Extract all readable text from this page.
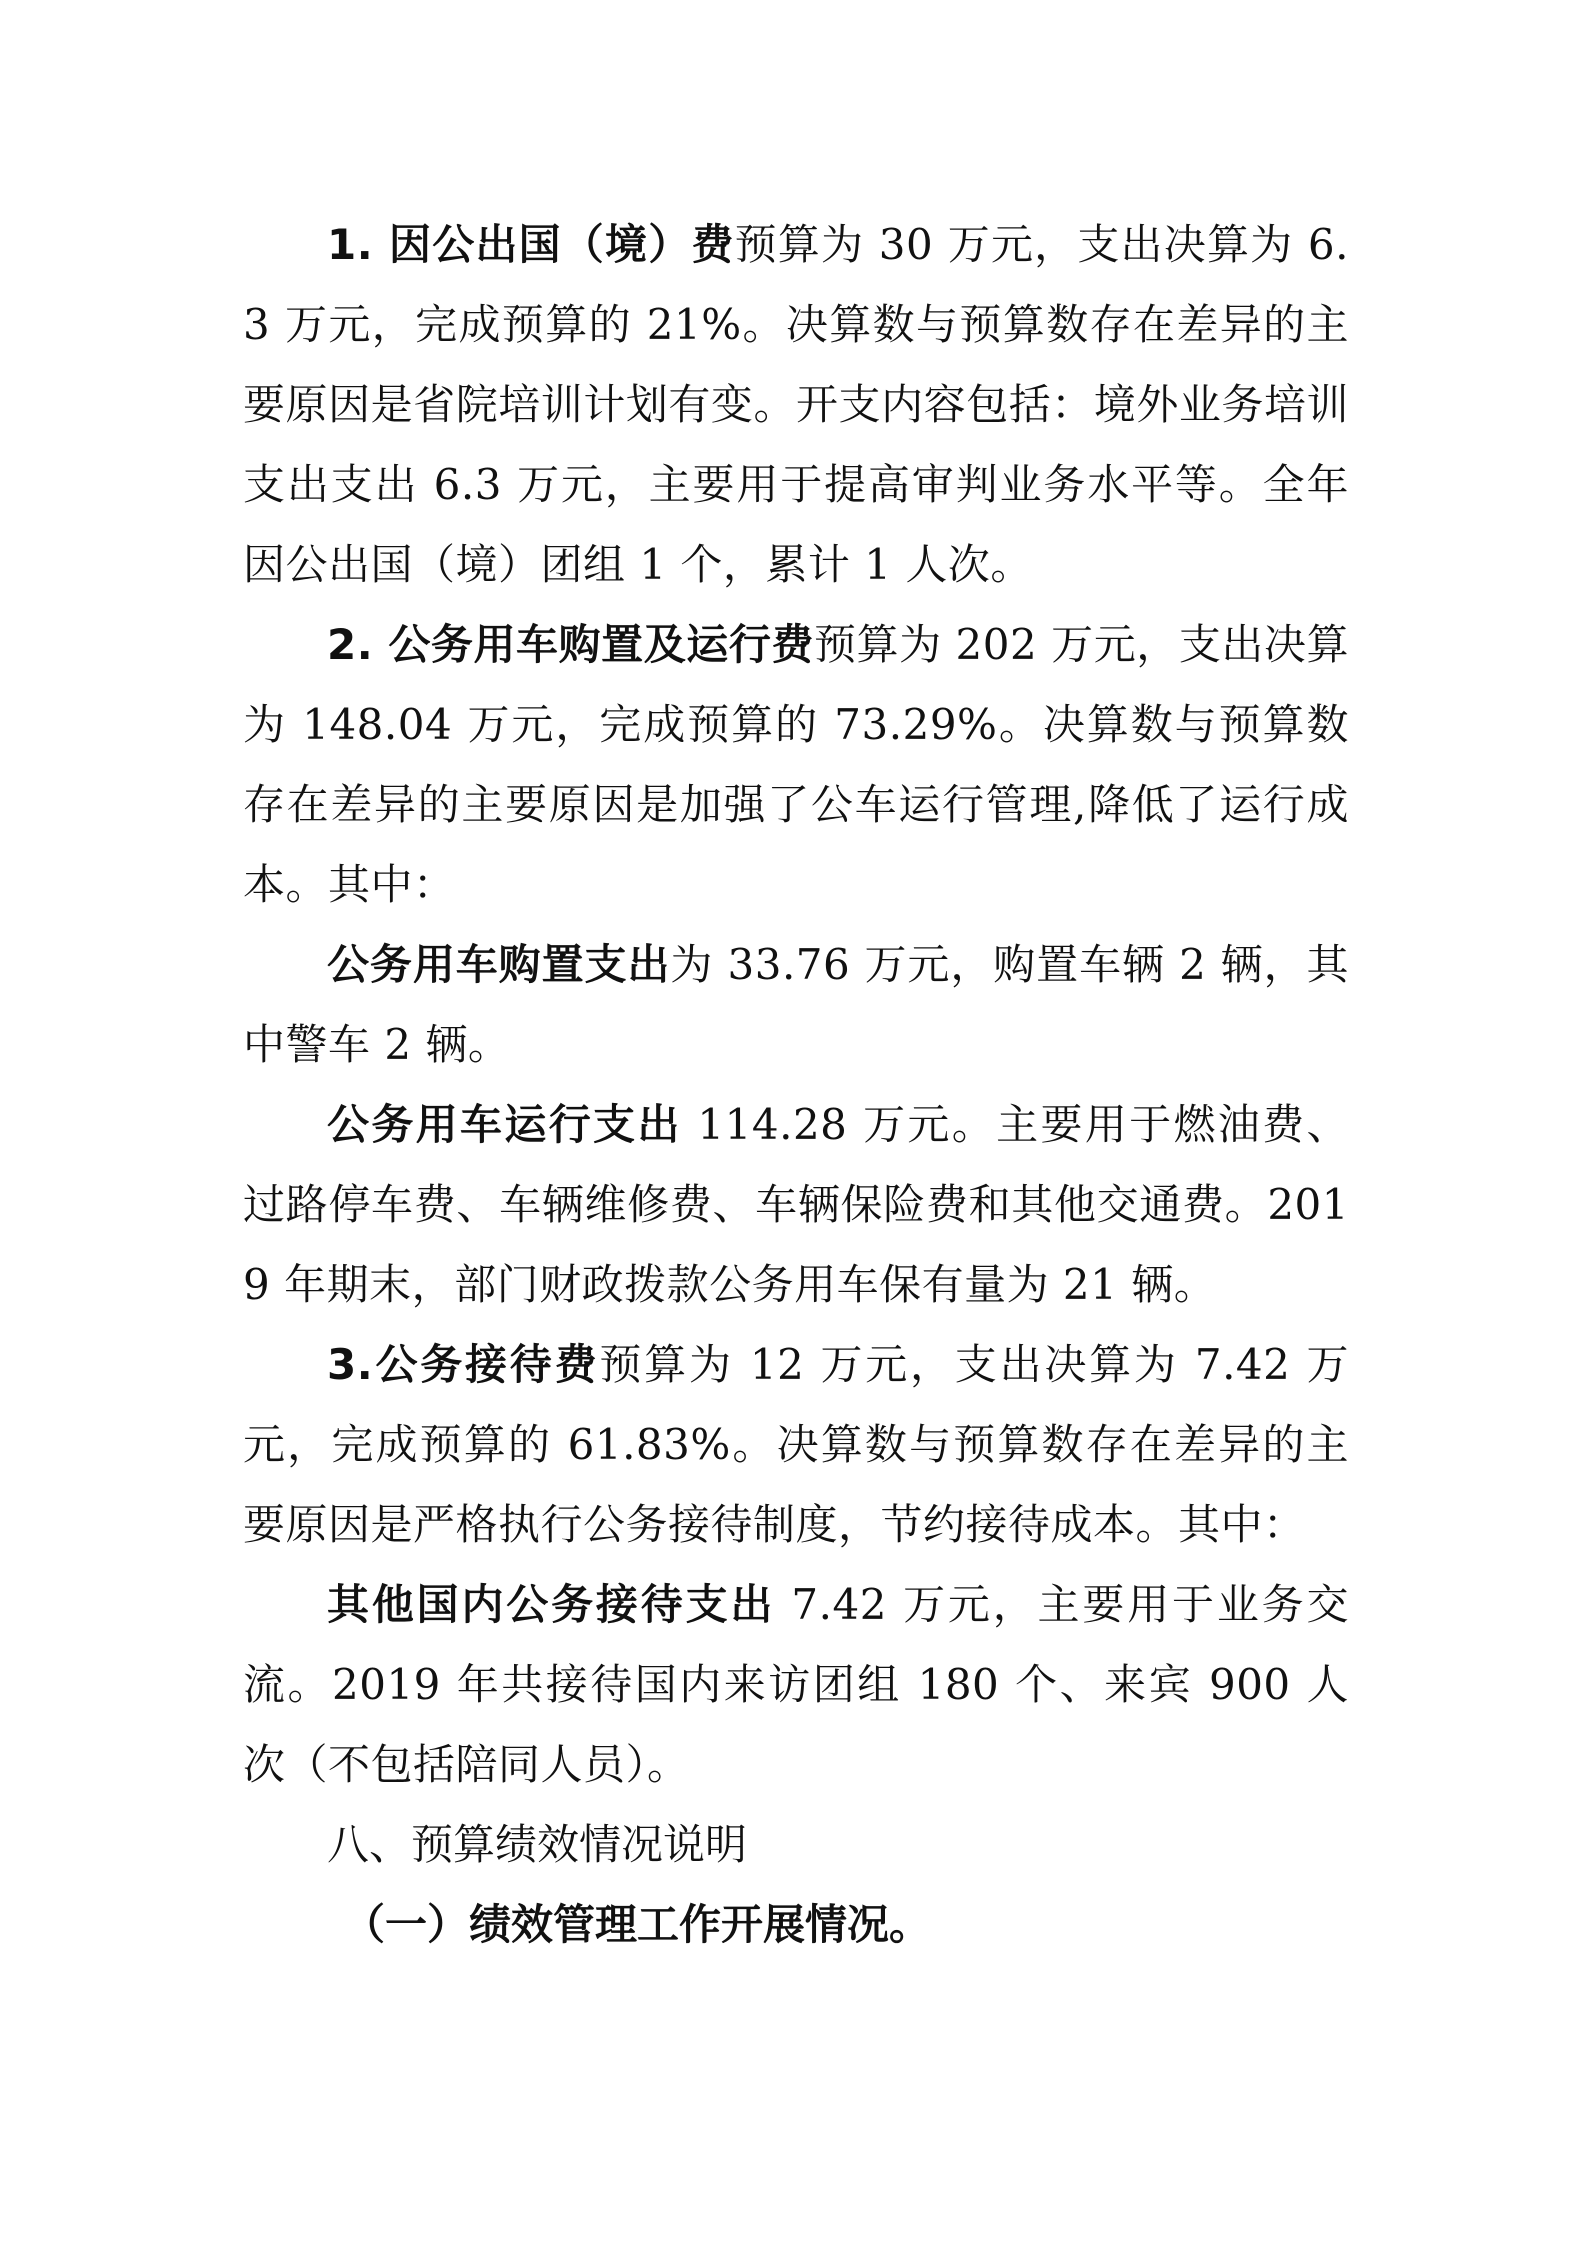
1. 因公出国（境）费预算为 30 万元，支出决算为 6.3 万元，完成预算的 21%。决算数与预算数存在差异的主要原因是省院培训计划有变。开支内容包括：境外业务培训支出支出 6.3 万元，主要用于提高审判业务水平等。全年因公出国（境）团组 1 个，累计 1 人次。

2. 公务用车购置及运行费预算为 202 万元，支出决算为 148.04 万元，完成预算的 73.29%。决算数与预算数存在差异的主要原因是加强了公车运行管理,降低了运行成本。其中：

公务用车购置支出为 33.76 万元，购置车辆 2 辆，其中警车 2 辆。

公务用车运行支出 114.28 万元。主要用于燃油费、过路停车费、车辆维修费、车辆保险费和其他交通费。2019 年期末，部门财政拨款公务用车保有量为 21 辆。

3.公务接待费预算为 12 万元，支出决算为 7.42 万元，完成预算的 61.83%。决算数与预算数存在差异的主要原因是严格执行公务接待制度，节约接待成本。其中：

其他国内公务接待支出 7.42 万元，主要用于业务交流。2019 年共接待国内来访团组 180 个、来宾 900 人次（不包括陪同人员）。

八、预算绩效情况说明

（一）绩效管理工作开展情况。
